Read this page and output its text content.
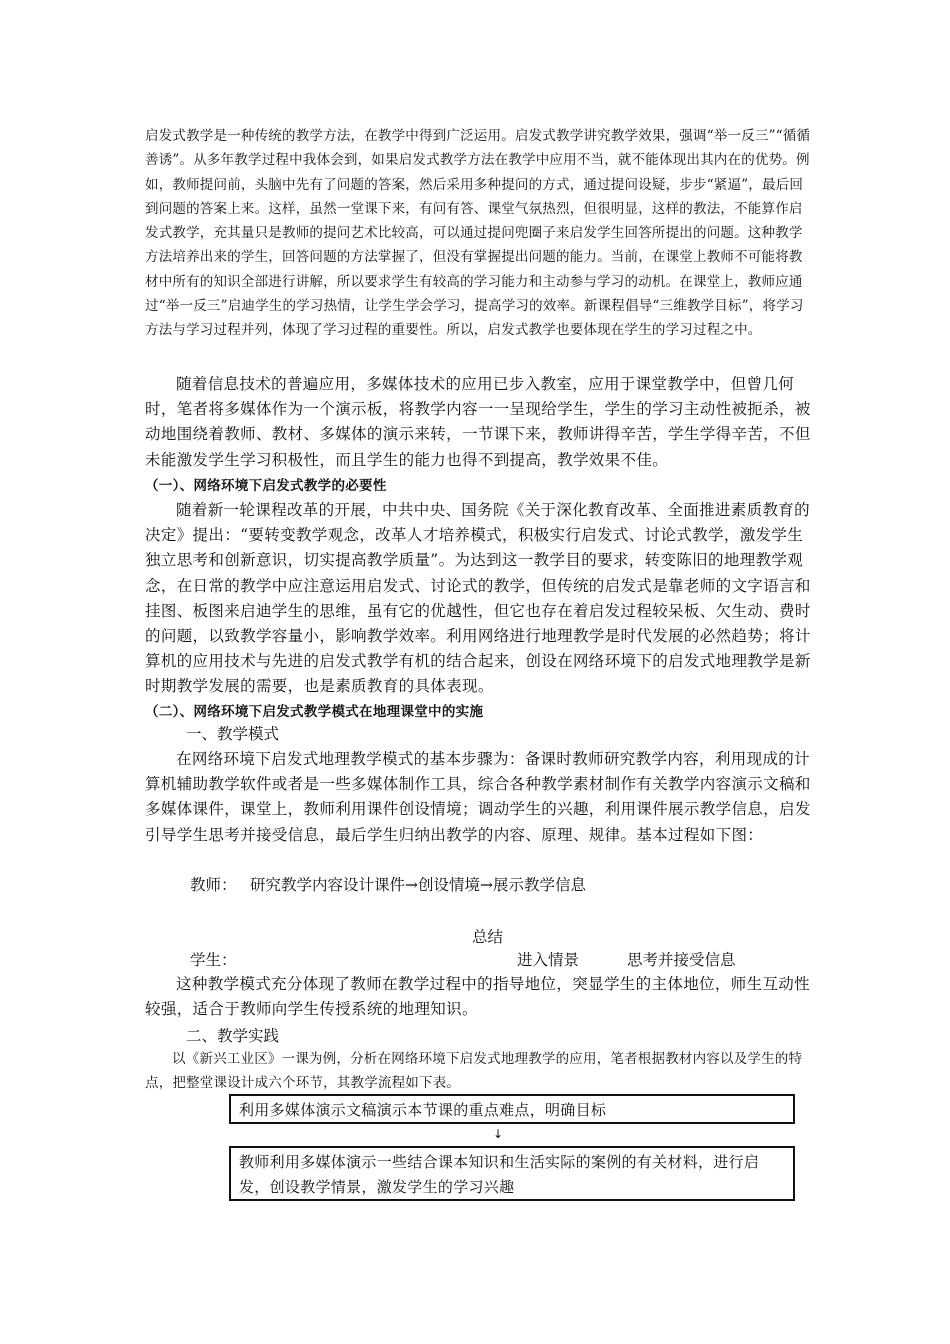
启发式教学是一种传统的教学方法，在教学中得到广泛运用。启发式教学讲究教学效果，强调“举一反三”“循循善诱”。从多年教学过程中我体会到，如果启发式教学方法在教学中应用不当，就不能体现出其内在的优势。例如，教师提问前，头脑中先有了问题的答案，然后采用多种提问的方式，通过提问设疑，步步“紧逼”，最后回到问题的答案上来。这样，虽然一堂课下来，有问有答、课堂气氛热烈，但很明显，这样的教法，不能算作启发式教学，充其量只是教师的提问艺术比较高，可以通过提问兜圈子来启发学生回答所提出的问题。这种教学方法培养出来的学生，回答问题的方法掌握了，但没有掌握提出问题的能力。当前，在课堂上教师不可能将教材中所有的知识全部进行讲解，所以要求学生有较高的学习能力和主动参与学习的动机。在课堂上，教师应通过“举一反三”启迪学生的学习热情，让学生学会学习，提高学习的效率。新课程倡导“三维教学目标”，将学习方法与学习过程并列，体现了学习过程的重要性。所以，启发式教学也要体现在学生的学习过程之中。
随着信息技术的普遍应用，多媒体技术的应用已步入教室，应用于课堂教学中，但曾几何时，笔者将多媒体作为一个演示板，将教学内容一一呈现给学生，学生的学习主动性被扼杀，被动地围绕着教师、教材、多媒体的演示来转，一节课下来，教师讲得辛苦，学生学得辛苦，不但未能激发学生学习积极性，而且学生的能力也得不到提高，教学效果不佳。
（一）、网络环境下启发式教学的必要性
随着新一轮课程改革的开展，中共中央、国务院《关于深化教育改革、全面推进素质教育的决定》提出：“要转变教学观念，改革人才培养模式，积极实行启发式、讨论式教学，激发学生独立思考和创新意识，切实提高教学质量”。为达到这一教学目的要求，转变陈旧的地理教学观念，在日常的教学中应注意运用启发式、讨论式的教学，但传统的启发式是靠老师的文字语言和挂图、板图来启迪学生的思维，虽有它的优越性，但它也存在着启发过程较呆板、欠生动、费时的问题，以致教学容量小，影响教学效率。利用网络进行地理教学是时代发展的必然趋势；将计算机的应用技术与先进的启发式教学有机的结合起来，创设在网络环境下的启发式地理教学是新时期教学发展的需要，也是素质教育的具体表现。
（二）、网络环境下启发式教学模式在地理课堂中的实施
一、教学模式
在网络环境下启发式地理教学模式的基本步骤为：备课时教师研究教学内容，利用现成的计算机辅助教学软件或者是一些多媒体制作工具，综合各种教学素材制作有关教学内容演示文稿和多媒体课件，课堂上，教师利用课件创设情境；调动学生的兴趣，利用课件展示教学信息，启发引导学生思考并接受信息，最后学生归纳出教学的内容、原理、规律。基本过程如下图：
教师： 研究教学内容设计课件→创设情境→展示教学信息
总结
学生：	进入情景	思考并接受信息
这种教学模式充分体现了教师在教学过程中的指导地位，突显学生的主体地位，师生互动性较强，适合于教师向学生传授系统的地理知识。
二、教学实践
以《新兴工业区》一课为例，分析在网络环境下启发式地理教学的应用，笔者根据教材内容以及学生的特点，把整堂课设计成六个环节，其教学流程如下表。
利用多媒体演示文稿演示本节课的重点难点，明确目标
↓
教师利用多媒体演示一些结合课本知识和生活实际的案例的有关材料，进行启发，创设教学情景，激发学生的学习兴趣
